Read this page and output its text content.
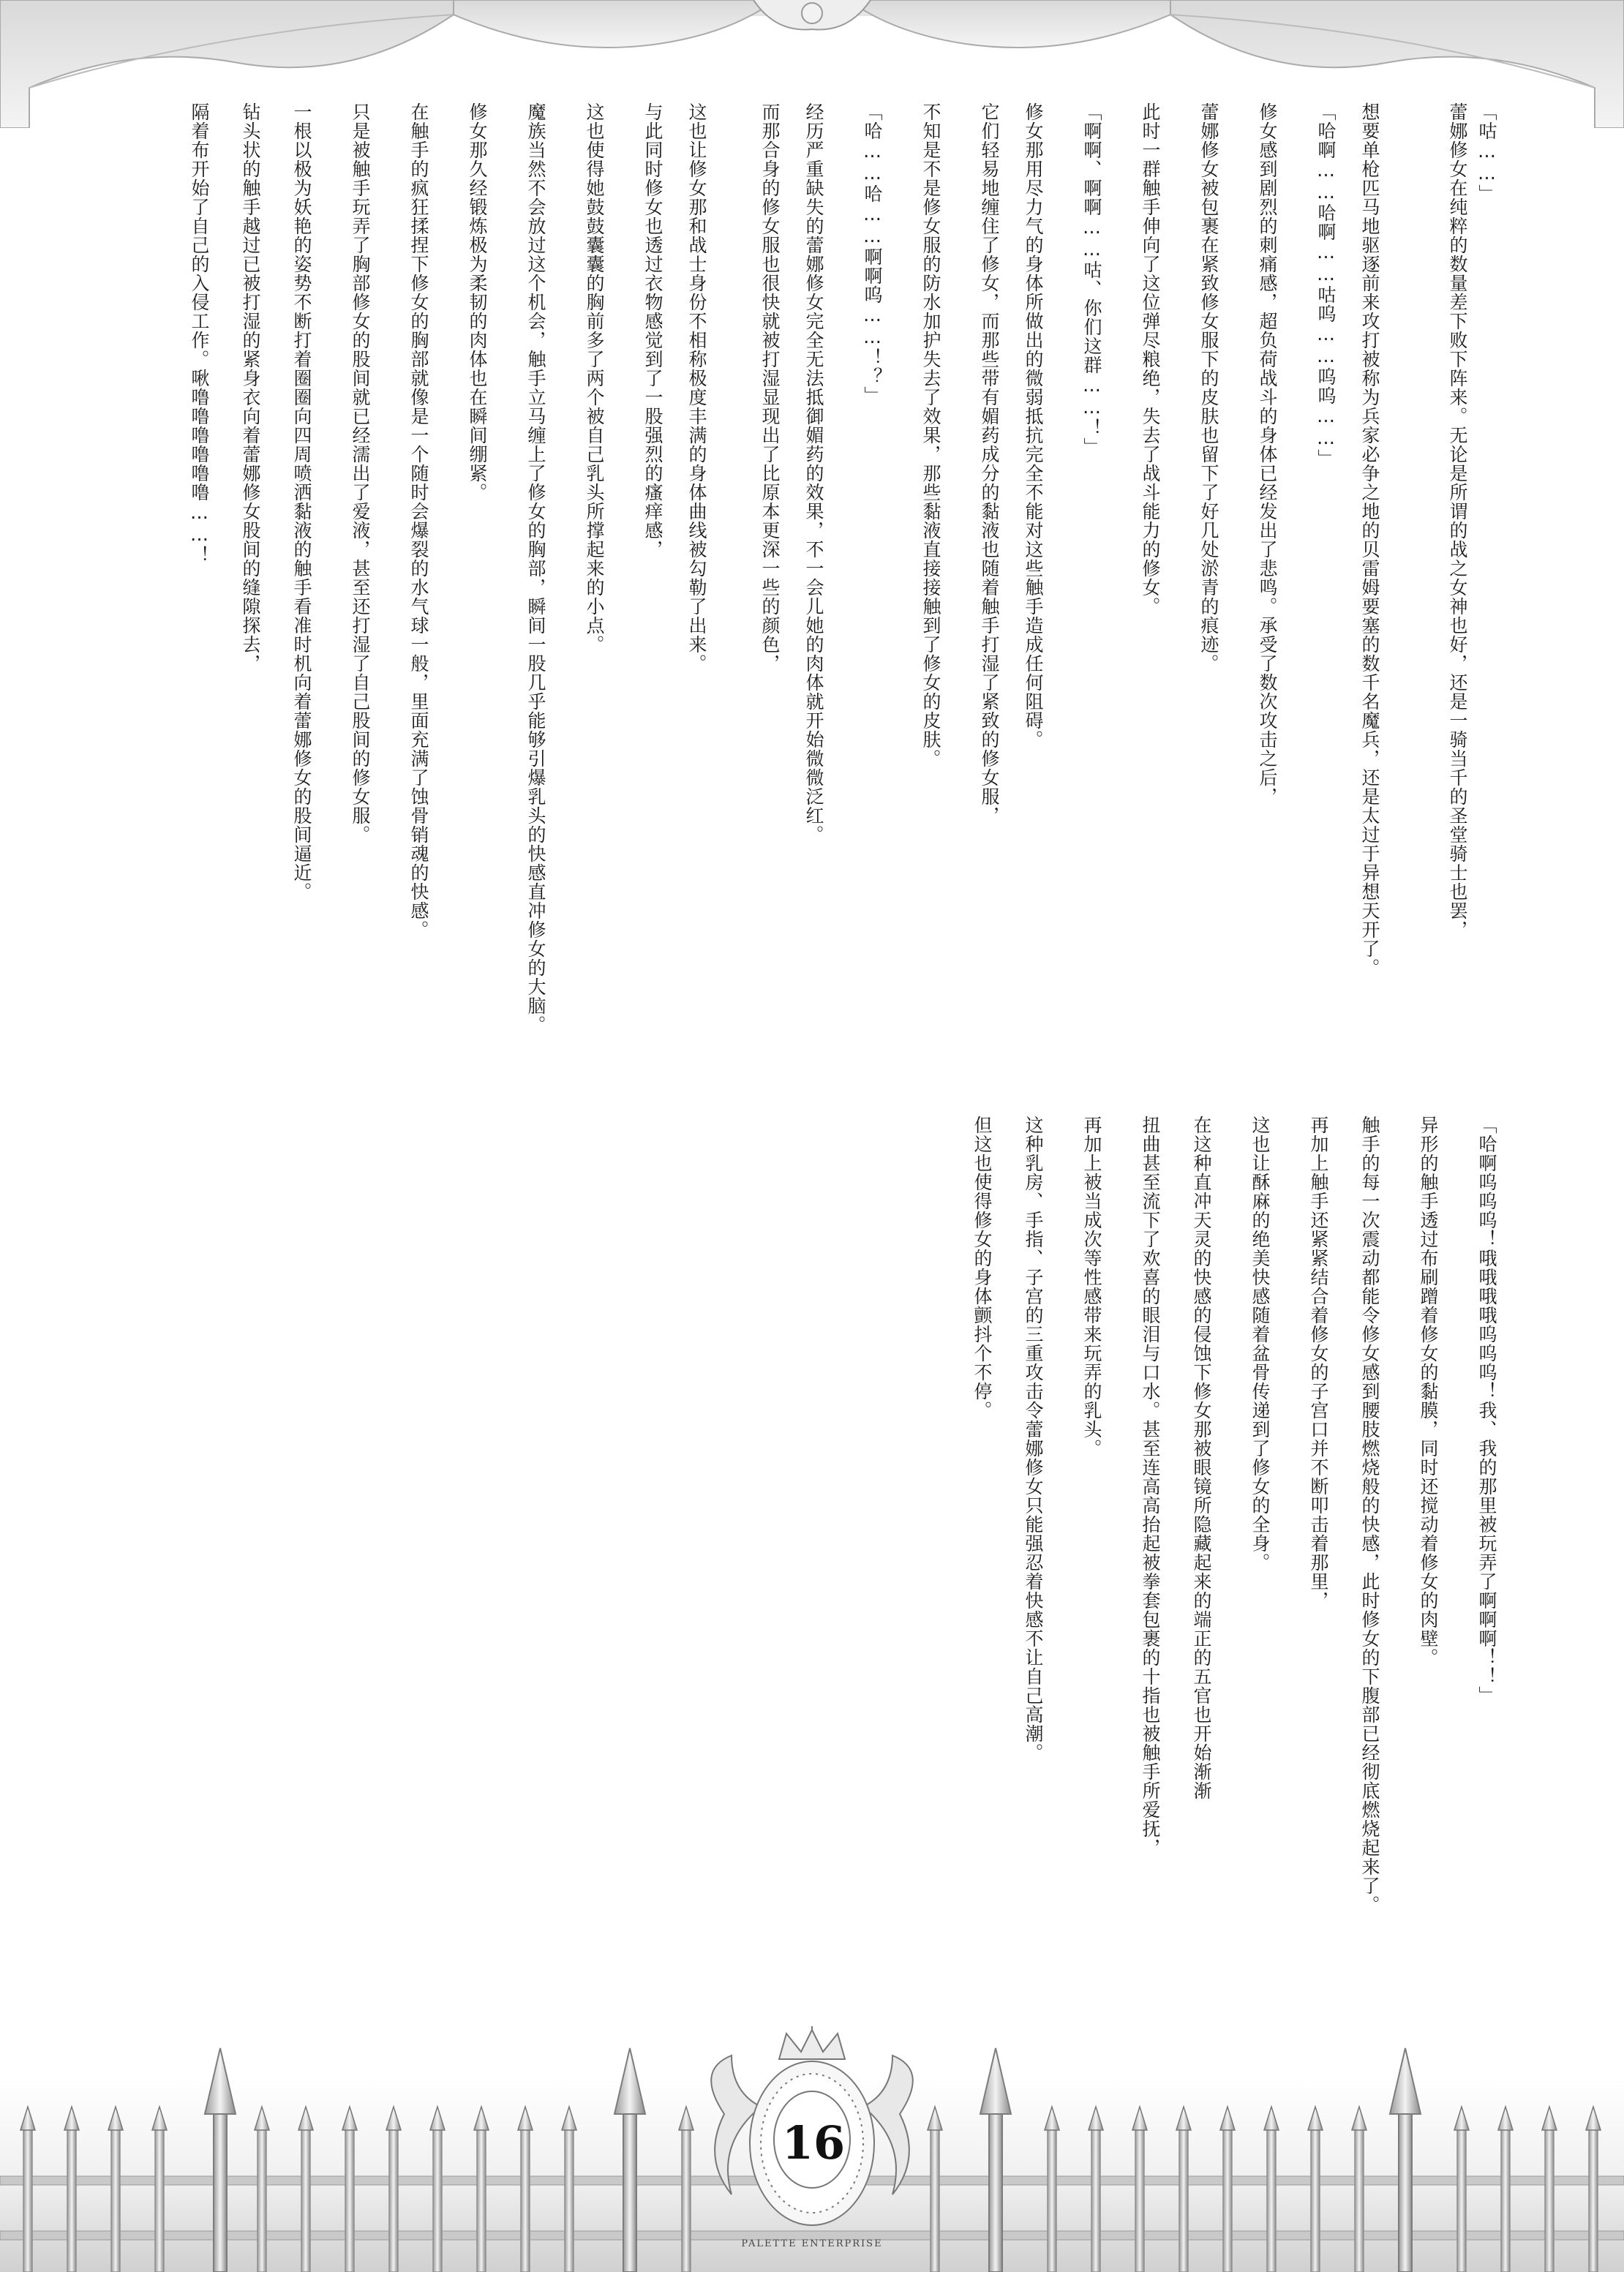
「咕……」

蕾娜修女在纯粹的数量差下败下阵来。无论是所谓的战之女神也好，还是一骑当千的圣堂骑士也罢，

想要单枪匹马地驱逐前来攻打被称为兵家必争之地的贝雷姆要塞的数千名魔兵，还是太过于异想天开了。

「哈啊……哈啊……咕呜……呜呜……」

修女感到剧烈的刺痛感，超负荷战斗的身体已经发出了悲鸣。承受了数次攻击之后，

蕾娜修女被包裹在紧致修女服下的皮肤也留下了好几处淤青的痕迹。

此时一群触手伸向了这位弹尽粮绝，失去了战斗能力的修女。

「啊啊、啊啊……咕、你们这群……！」

修女那用尽力气的身体所做出的微弱抵抗完全不能对这些触手造成任何阻碍。

它们轻易地缠住了修女，而那些带有媚药成分的黏液也随着触手打湿了紧致的修女服，

不知是不是修女服的防水加护失去了效果，那些黏液直接接触到了修女的皮肤。

「哈……哈……啊啊呜……！？」

经历严重缺失的蕾娜修女完全无法抵御媚药的效果，不一会儿她的肉体就开始微微泛红。

而那合身的修女服也很快就被打湿显现出了比原本更深一些的颜色，

这也让修女那和战士身份不相称极度丰满的身体曲线被勾勒了出来。

与此同时修女也透过衣物感觉到了一股强烈的瘙痒感，

这也使得她鼓鼓囊囊的胸前多了两个被自己乳头所撑起来的小点。

魔族当然不会放过这个机会，触手立马缠上了修女的胸部，瞬间一股几乎能够引爆乳头的快感直冲修女的大脑。

修女那久经锻炼极为柔韧的肉体也在瞬间绷紧。

在触手的疯狂揉捏下修女的胸部就像是一个随时会爆裂的水气球一般，里面充满了蚀骨销魂的快感。

只是被触手玩弄了胸部修女的股间就已经濡出了爱液，甚至还打湿了自己股间的修女服。

一根以极为妖艳的姿势不断打着圈圈向四周喷洒黏液的触手看准时机向着蕾娜修女的股间逼近。

钻头状的触手越过已被打湿的紧身衣向着蕾娜修女股间的缝隙探去，

隔着布开始了自己的入侵工作。啾噜噜噜噜噜噜……！

「哈啊呜呜呜！哦哦哦哦呜呜呜！我、我的那里被玩弄了啊啊啊！！」

异形的触手透过布刷蹭着修女的黏膜，同时还搅动着修女的肉壁。

触手的每一次震动都能令修女感到腰肢燃烧般的快感，此时修女的下腹部已经彻底燃烧起来了。

再加上触手还紧紧结合着修女的子宫口并不断叩击着那里，

这也让酥麻的绝美快感随着盆骨传递到了修女的全身。

在这种直冲天灵的快感的侵蚀下修女那被眼镜所隐藏起来的端正的五官也开始渐渐

扭曲甚至流下了欢喜的眼泪与口水。甚至连高高抬起被拳套包裹的十指也被触手所爱抚，

再加上被当成次等性感带来玩弄的乳头。

这种乳房、手指、子宫的三重攻击令蕾娜修女只能强忍着快感不让自己高潮。

但这也使得修女的身体颤抖个不停。

16
PALETTE ENTERPRISE
